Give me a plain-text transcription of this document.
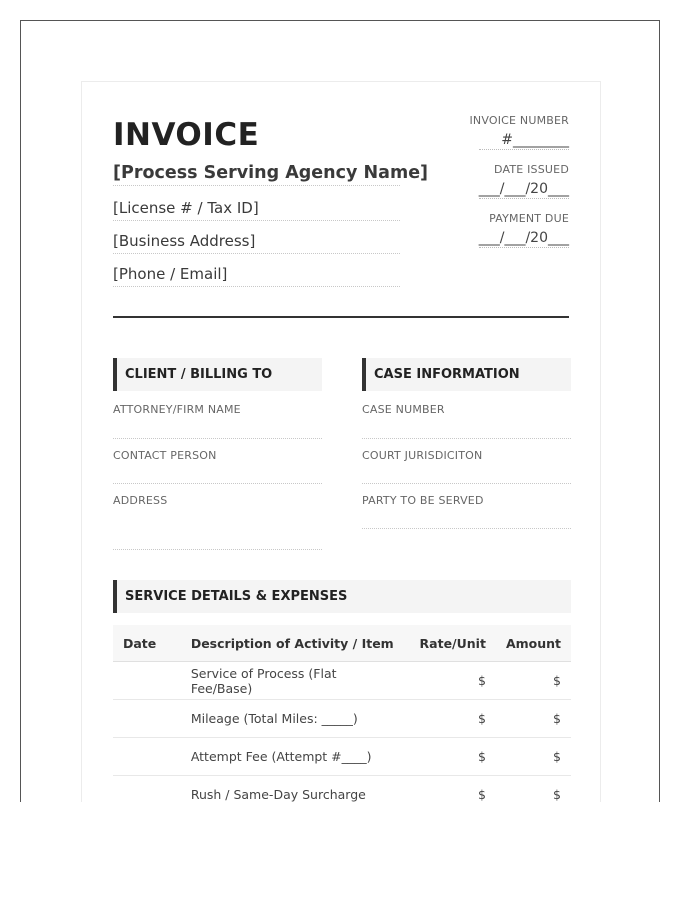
INVOICE
[Process Serving Agency Name]
[License # / Tax ID]
[Business Address]
[Phone / Email]
INVOICE NUMBER
#________
DATE ISSUED
___/___/20___
PAYMENT DUE
___/___/20___
CLIENT / BILLING TO
ATTORNEY/FIRM NAME
CONTACT PERSON
ADDRESS
CASE INFORMATION
CASE NUMBER
COURT JURISDICITON
PARTY TO BE SERVED
SERVICE DETAILS & EXPENSES
Date	Description of Activity / Item	Rate/Unit	Amount
	Service of Process (Flat Fee/Base)	$	$
	Mileage (Total Miles: _____)	$	$
	Attempt Fee (Attempt #____)	$	$
	Rush / Same-Day Surcharge	$	$
